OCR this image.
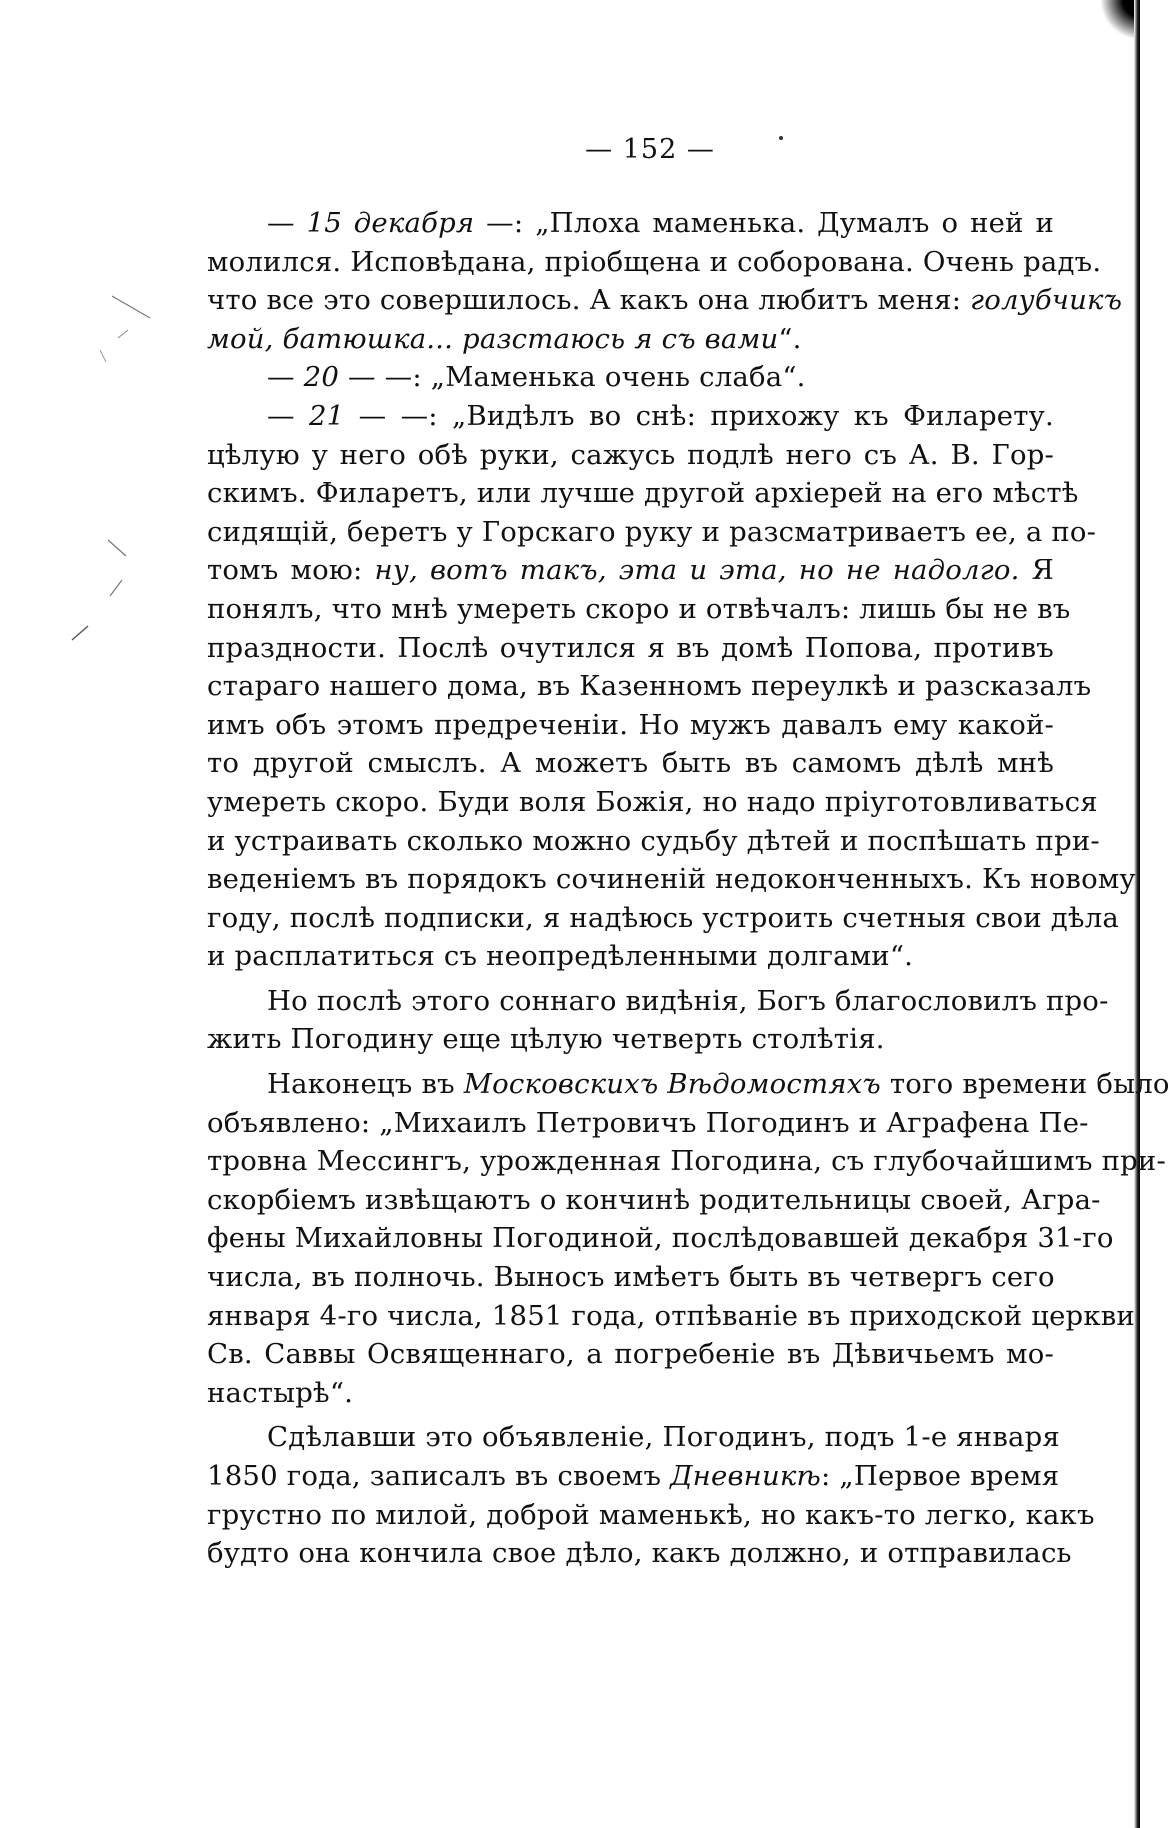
— 152 —
— 15 декабря —: „Плоха маменька. Думалъ о ней и
молился. Исповѣдана, пріобщена и соборована. Очень радъ.
что все это совершилось. А какъ она любитъ меня: голубчикъ
мой, батюшка... разстаюсь я съ вами“.
— 20 — —: „Маменька очень слаба“.
— 21 — —: „Видѣлъ во снѣ: прихожу къ Филарету.
цѣлую у него обѣ руки, сажусь подлѣ него съ А. В. Гор-
скимъ. Филаретъ, или лучше другой архіерей на его мѣстѣ
сидящій, беретъ у Горскаго руку и разсматриваетъ ее, а по-
томъ мою: ну, вотъ такъ, эта и эта, но не надолго. Я
понялъ, что мнѣ умереть скоро и отвѣчалъ: лишь бы не въ
праздности. Послѣ очутился я въ домѣ Попова, противъ
стараго нашего дома, въ Казенномъ переулкѣ и разсказалъ
имъ объ этомъ предреченіи. Но мужъ давалъ ему какой-
то другой смыслъ. А можетъ быть въ самомъ дѣлѣ мнѣ
умереть скоро. Буди воля Божія, но надо пріуготовливаться
и устраивать сколько можно судьбу дѣтей и поспѣшать при-
веденіемъ въ порядокъ сочиненій недоконченныхъ. Къ новому
году, послѣ подписки, я надѣюсь устроить счетныя свои дѣла
и расплатиться съ неопредѣленными долгами“.
Но послѣ этого соннаго видѣнія, Богъ благословилъ про-
жить Погодину еще цѣлую четверть столѣтія.
Наконецъ въ Московскихъ Вѣдомостяхъ того времени было
объявлено: „Михаилъ Петровичъ Погодинъ и Аграфена Пе-
тровна Мессингъ, урожденная Погодина, съ глубочайшимъ при-
скорбіемъ извѣщаютъ о кончинѣ родительницы своей, Агра-
фены Михайловны Погодиной, послѣдовавшей декабря 31-го
числа, въ полночь. Выносъ имѣетъ быть въ четвергъ сего
января 4-го числа, 1851 года, отпѣваніе въ приходской церкви
Св. Саввы Освященнаго, а погребеніе въ Дѣвичьемъ мо-
настырѣ“.
Сдѣлавши это объявленіе, Погодинъ, подъ 1-е января
1850 года, записалъ въ своемъ Дневникѣ: „Первое время
грустно по милой, доброй маменькѣ, но какъ-то легко, какъ
будто она кончила свое дѣло, какъ должно, и отправилась
